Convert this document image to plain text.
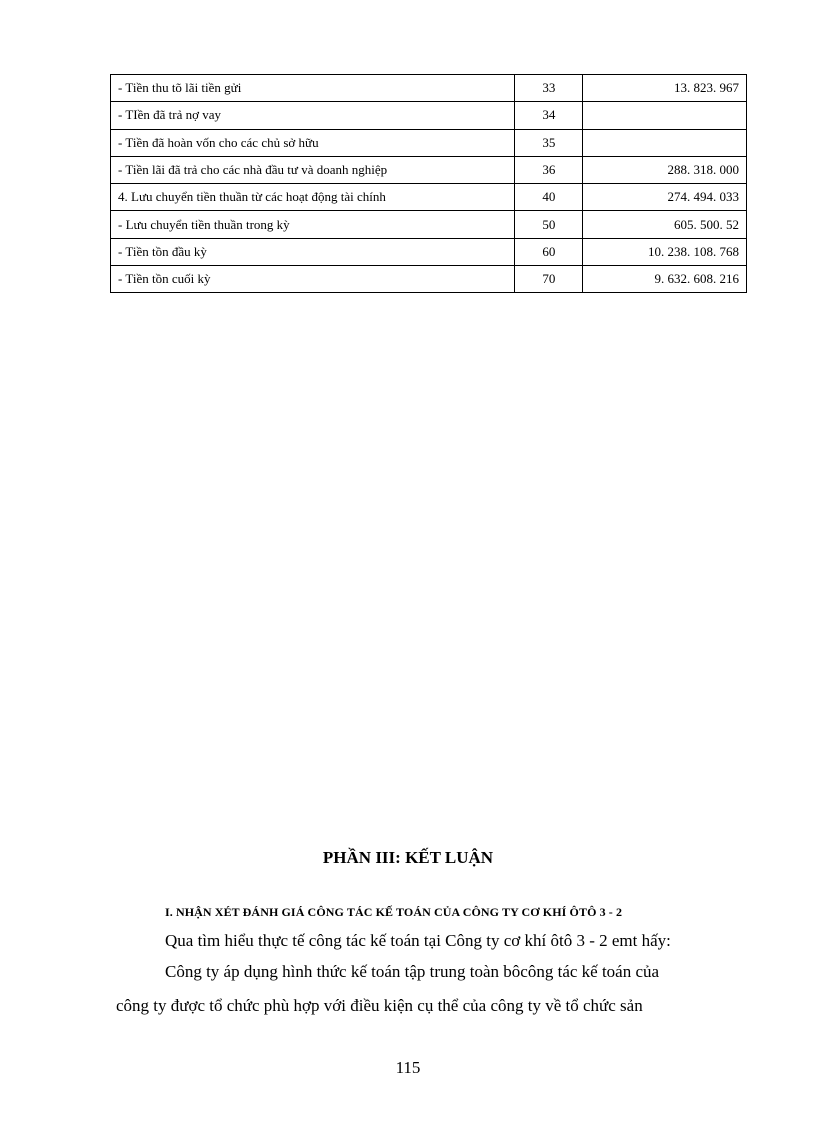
- Tiền thu tõ lãi tiền gửi	33	13. 823. 967
- TIền đã trả nợ vay	34	
- Tiền đã hoàn vốn cho các chủ sở hữu	35	
- Tiền lãi đã trả cho các nhà đầu tư và doanh nghiệp	36	288. 318. 000
4. Lưu chuyển tiền thuần từ các hoạt động tài chính	40	274. 494. 033
- Lưu chuyển tiền thuần trong kỳ	50	605. 500. 52
- Tiền tồn đầu kỳ	60	10. 238. 108. 768
- Tiền tồn cuối kỳ	70	9. 632. 608. 216
PHẦN III: KẾT LUẬN
I. NHẬN XÉT ĐÁNH GIÁ CÔNG TÁC KẾ TOÁN CỦA CÔNG TY CƠ KHÍ ÔTÔ 3 - 2
Qua tìm hiểu thực tế công tác kế toán tại Công ty cơ khí ôtô 3 - 2 emt hấy:
Công ty áp dụng hình thức kế toán tập trung toàn bôcông tác kế toán của
công ty được tổ chức phù hợp với điều kiện cụ thể của công ty về tổ chức sản
115
